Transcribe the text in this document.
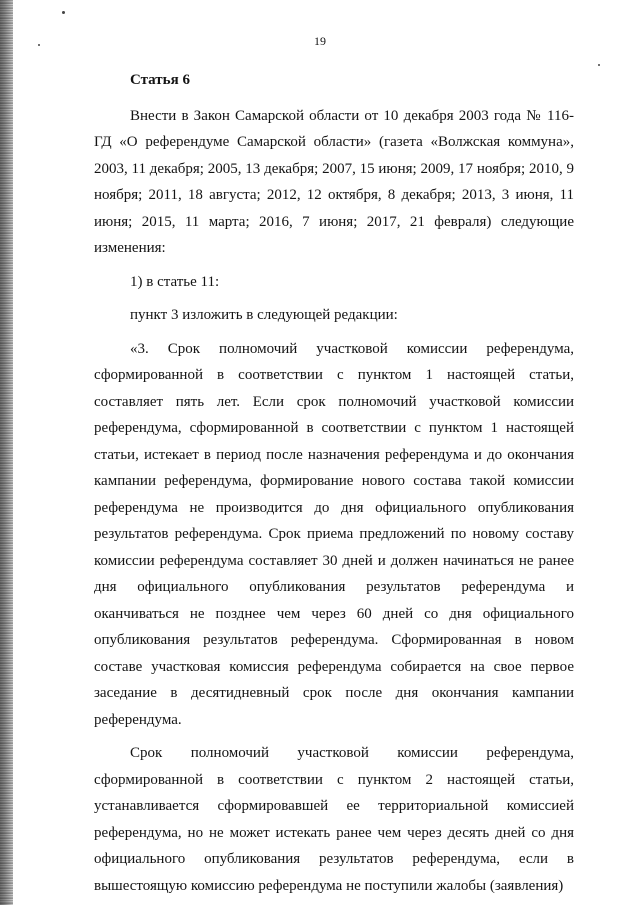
19
Статья 6

Внести в Закон Самарской области от 10 декабря 2003 года № 116-ГД «О референдуме Самарской области» (газета «Волжская коммуна», 2003, 11 декабря; 2005, 13 декабря; 2007, 15 июня; 2009, 17 ноября; 2010, 9 ноября; 2011, 18 августа; 2012, 12 октября, 8 декабря; 2013, 3 июня, 11 июня; 2015, 11 марта; 2016, 7 июня; 2017, 21 февраля) следующие изменения:

1) в статье 11:
пункт 3 изложить в следующей редакции:

«3. Срок полномочий участковой комиссии референдума, сформированной в соответствии с пунктом 1 настоящей статьи, составляет пять лет. Если срок полномочий участковой комиссии референдума, сформированной в соответствии с пунктом 1 настоящей статьи, истекает в период после назначения референдума и до окончания кампании референдума, формирование нового состава такой комиссии референдума не производится до дня официального опубликования результатов референдума. Срок приема предложений по новому составу комиссии референдума составляет 30 дней и должен начинаться не ранее дня официального опубликования результатов референдума и оканчиваться не позднее чем через 60 дней со дня официального опубликования результатов референдума. Сформированная в новом составе участковая комиссия референдума собирается на свое первое заседание в десятидневный срок после дня окончания кампании референдума.

Срок полномочий участковой комиссии референдума, сформированной в соответствии с пунктом 2 настоящей статьи, устанавливается сформировавшей ее территориальной комиссией референдума, но не может истекать ранее чем через десять дней со дня официального опубликования результатов референдума, если в вышестоящую комиссию референдума не поступили жалобы (заявления)
